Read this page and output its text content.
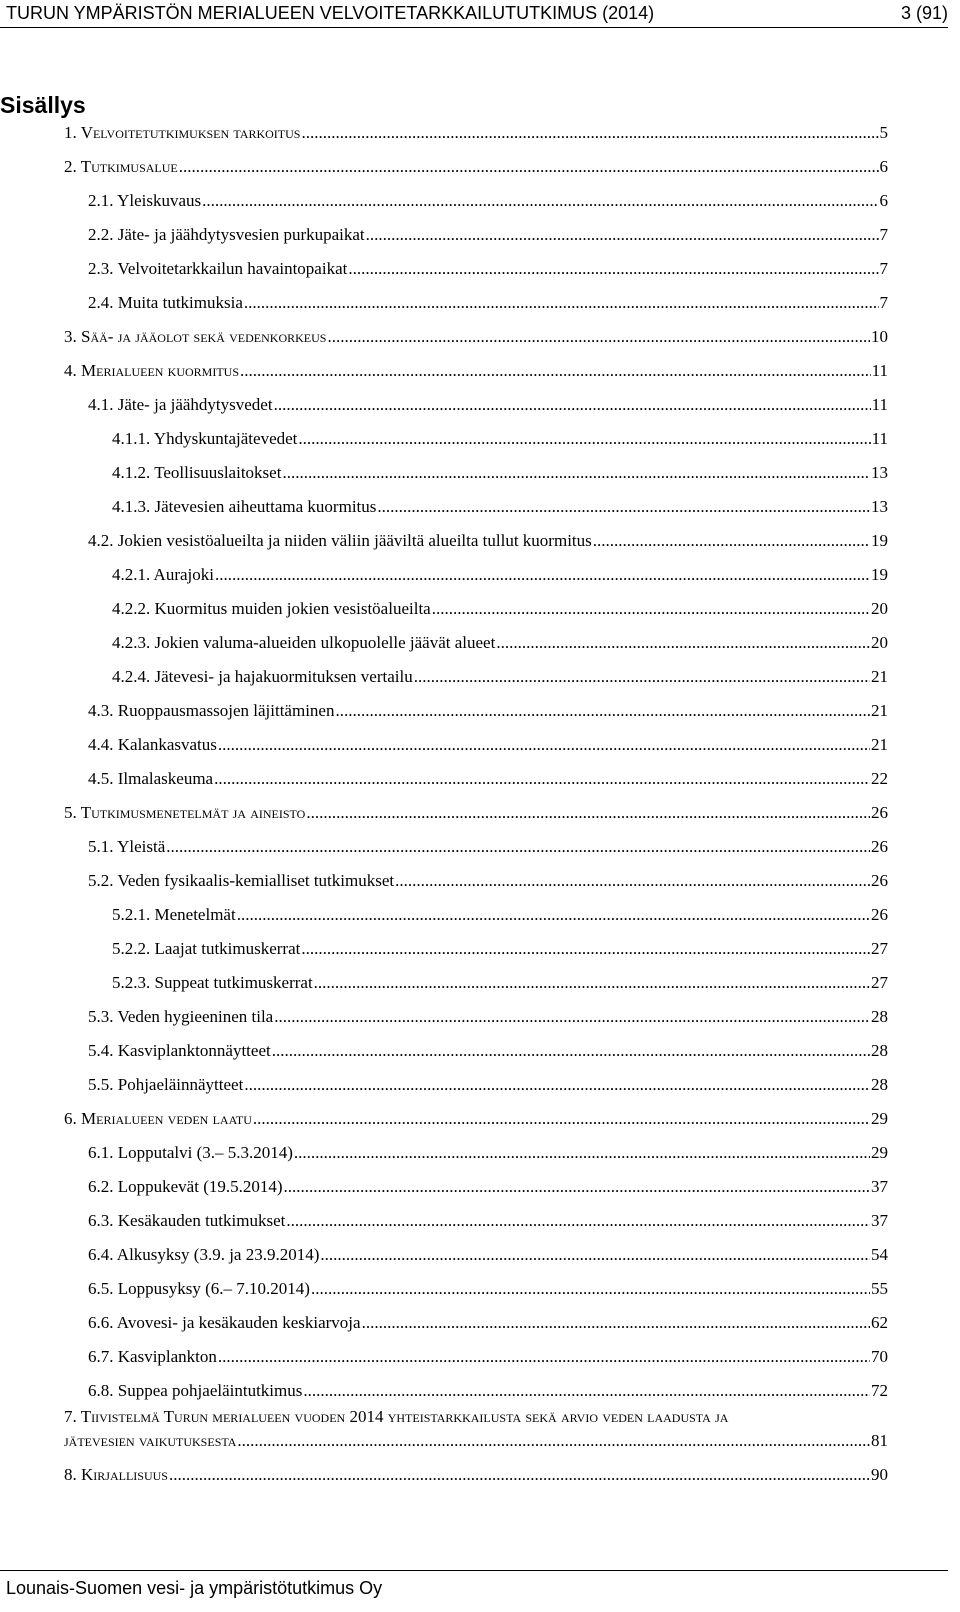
TURUN YMPÄRISTÖN MERIALUEEN VELVOITETARKKAILUTUTKIMUS (2014)	3 (91)
Sisällys
1. Velvoitetutkimuksen tarkoitus .....	5
2. Tutkimusalue .....	6
2.1. Yleiskuvaus .....	6
2.2. Jäte- ja jäähdytysvesien purkupaikat .....	7
2.3. Velvoitetarkkailun havaintopaikat .....	7
2.4. Muita tutkimuksia .....	7
3. Sää- ja jääolot sekä vedenkorkeus .....	10
4. Merialueen kuormitus .....	11
4.1. Jäte- ja jäähdytysvedet .....	11
4.1.1. Yhdyskuntajätevedet .....	11
4.1.2. Teollisuuslaitokset .....	13
4.1.3. Jätevesien aiheuttama kuormitus .....	13
4.2. Jokien vesistöalueilta ja niiden väliin jääviltä alueilta tullut kuormitus .....	19
4.2.1. Aurajoki .....	19
4.2.2. Kuormitus muiden jokien vesistöalueilta .....	20
4.2.3. Jokien valuma-alueiden ulkopuolelle jäävät alueet .....	20
4.2.4. Jätevesi- ja hajakuormituksen vertailu .....	21
4.3. Ruoppausmassojen läjittäminen .....	21
4.4. Kalankasvatus .....	21
4.5. Ilmalaskeuma .....	22
5. Tutkimusmenetelmät ja aineisto .....	26
5.1. Yleistä .....	26
5.2. Veden fysikaalis-kemialliset tutkimukset .....	26
5.2.1. Menetelmät .....	26
5.2.2. Laajat tutkimuskerrat .....	27
5.2.3. Suppeat tutkimuskerrat .....	27
5.3. Veden hygieeninen tila .....	28
5.4. Kasviplanktonnäytteet .....	28
5.5. Pohjaeläinnäytteet .....	28
6. Merialueen veden laatu .....	29
6.1. Lopputalvi (3.– 5.3.2014) .....	29
6.2. Loppukevät (19.5.2014) .....	37
6.3. Kesäkauden tutkimukset .....	37
6.4. Alkusyksy (3.9. ja 23.9.2014) .....	54
6.5. Loppusyksy (6.– 7.10.2014) .....	55
6.6. Avovesi- ja kesäkauden keskiarvoja .....	62
6.7. Kasviplankton .....	70
6.8. Suppea pohjaeläintutkimus .....	72
7. Tiivistelmä Turun merialueen vuoden 2014 yhteistarkkailusta sekä arvio veden laadusta ja
jätevesien vaikutuksesta .....	81
8. Kirjallisuus .....	90
Lounais-Suomen vesi- ja ympäristötutkimus Oy
